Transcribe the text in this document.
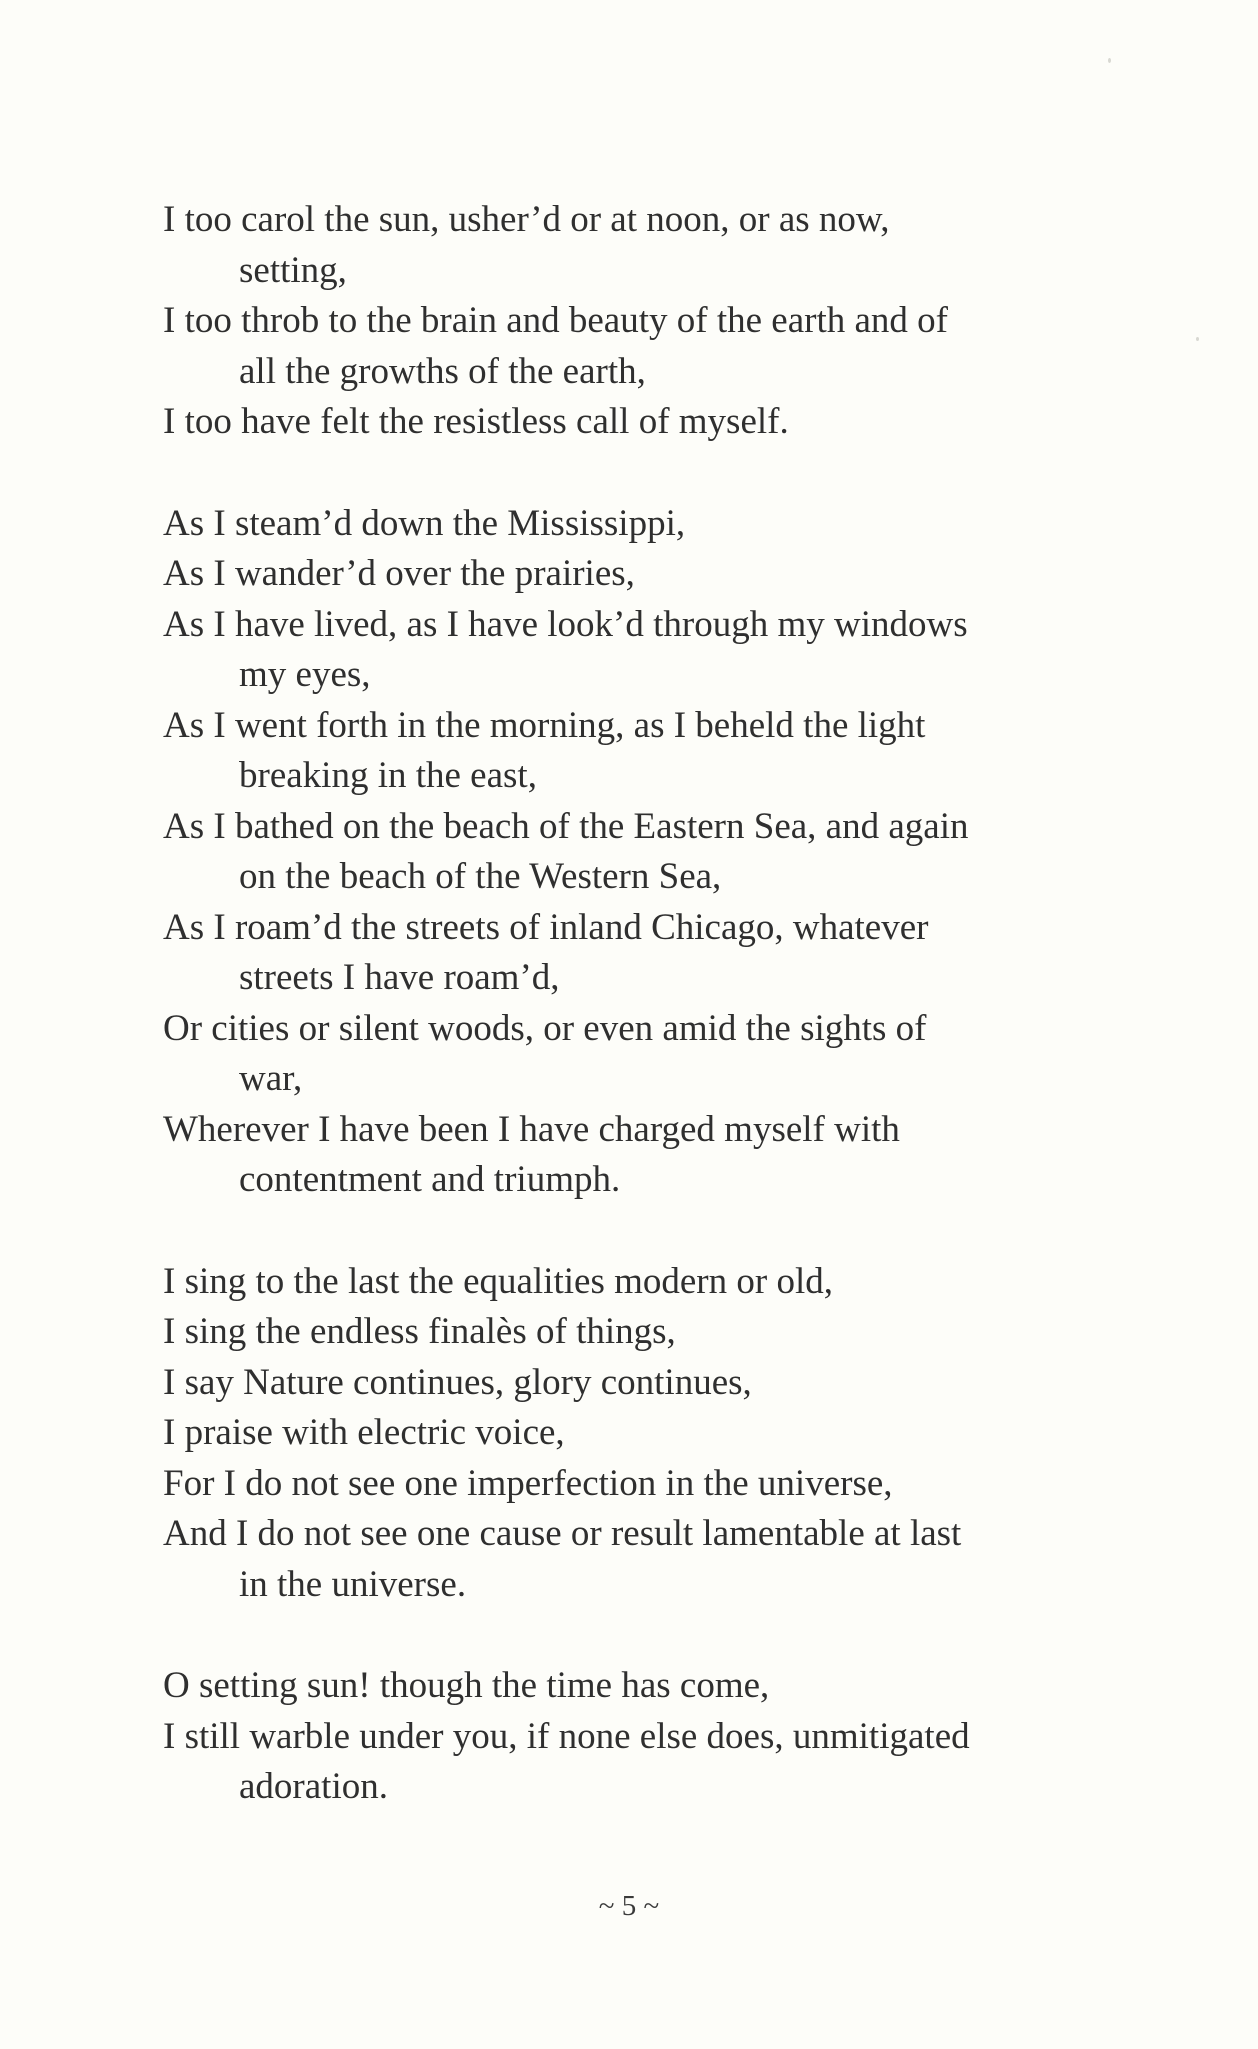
I too carol the sun, usher’d or at noon, or as now,
setting,
I too throb to the brain and beauty of the earth and of
all the growths of the earth,
I too have felt the resistless call of myself.
As I steam’d down the Mississippi,
As I wander’d over the prairies,
As I have lived, as I have look’d through my windows
my eyes,
As I went forth in the morning, as I beheld the light
breaking in the east,
As I bathed on the beach of the Eastern Sea, and again
on the beach of the Western Sea,
As I roam’d the streets of inland Chicago, whatever
streets I have roam’d,
Or cities or silent woods, or even amid the sights of
war,
Wherever I have been I have charged myself with
contentment and triumph.
I sing to the last the equalities modern or old,
I sing the endless finalès of things,
I say Nature continues, glory continues,
I praise with electric voice,
For I do not see one imperfection in the universe,
And I do not see one cause or result lamentable at last
in the universe.
O setting sun! though the time has come,
I still warble under you, if none else does, unmitigated
adoration.
~ 5 ~
